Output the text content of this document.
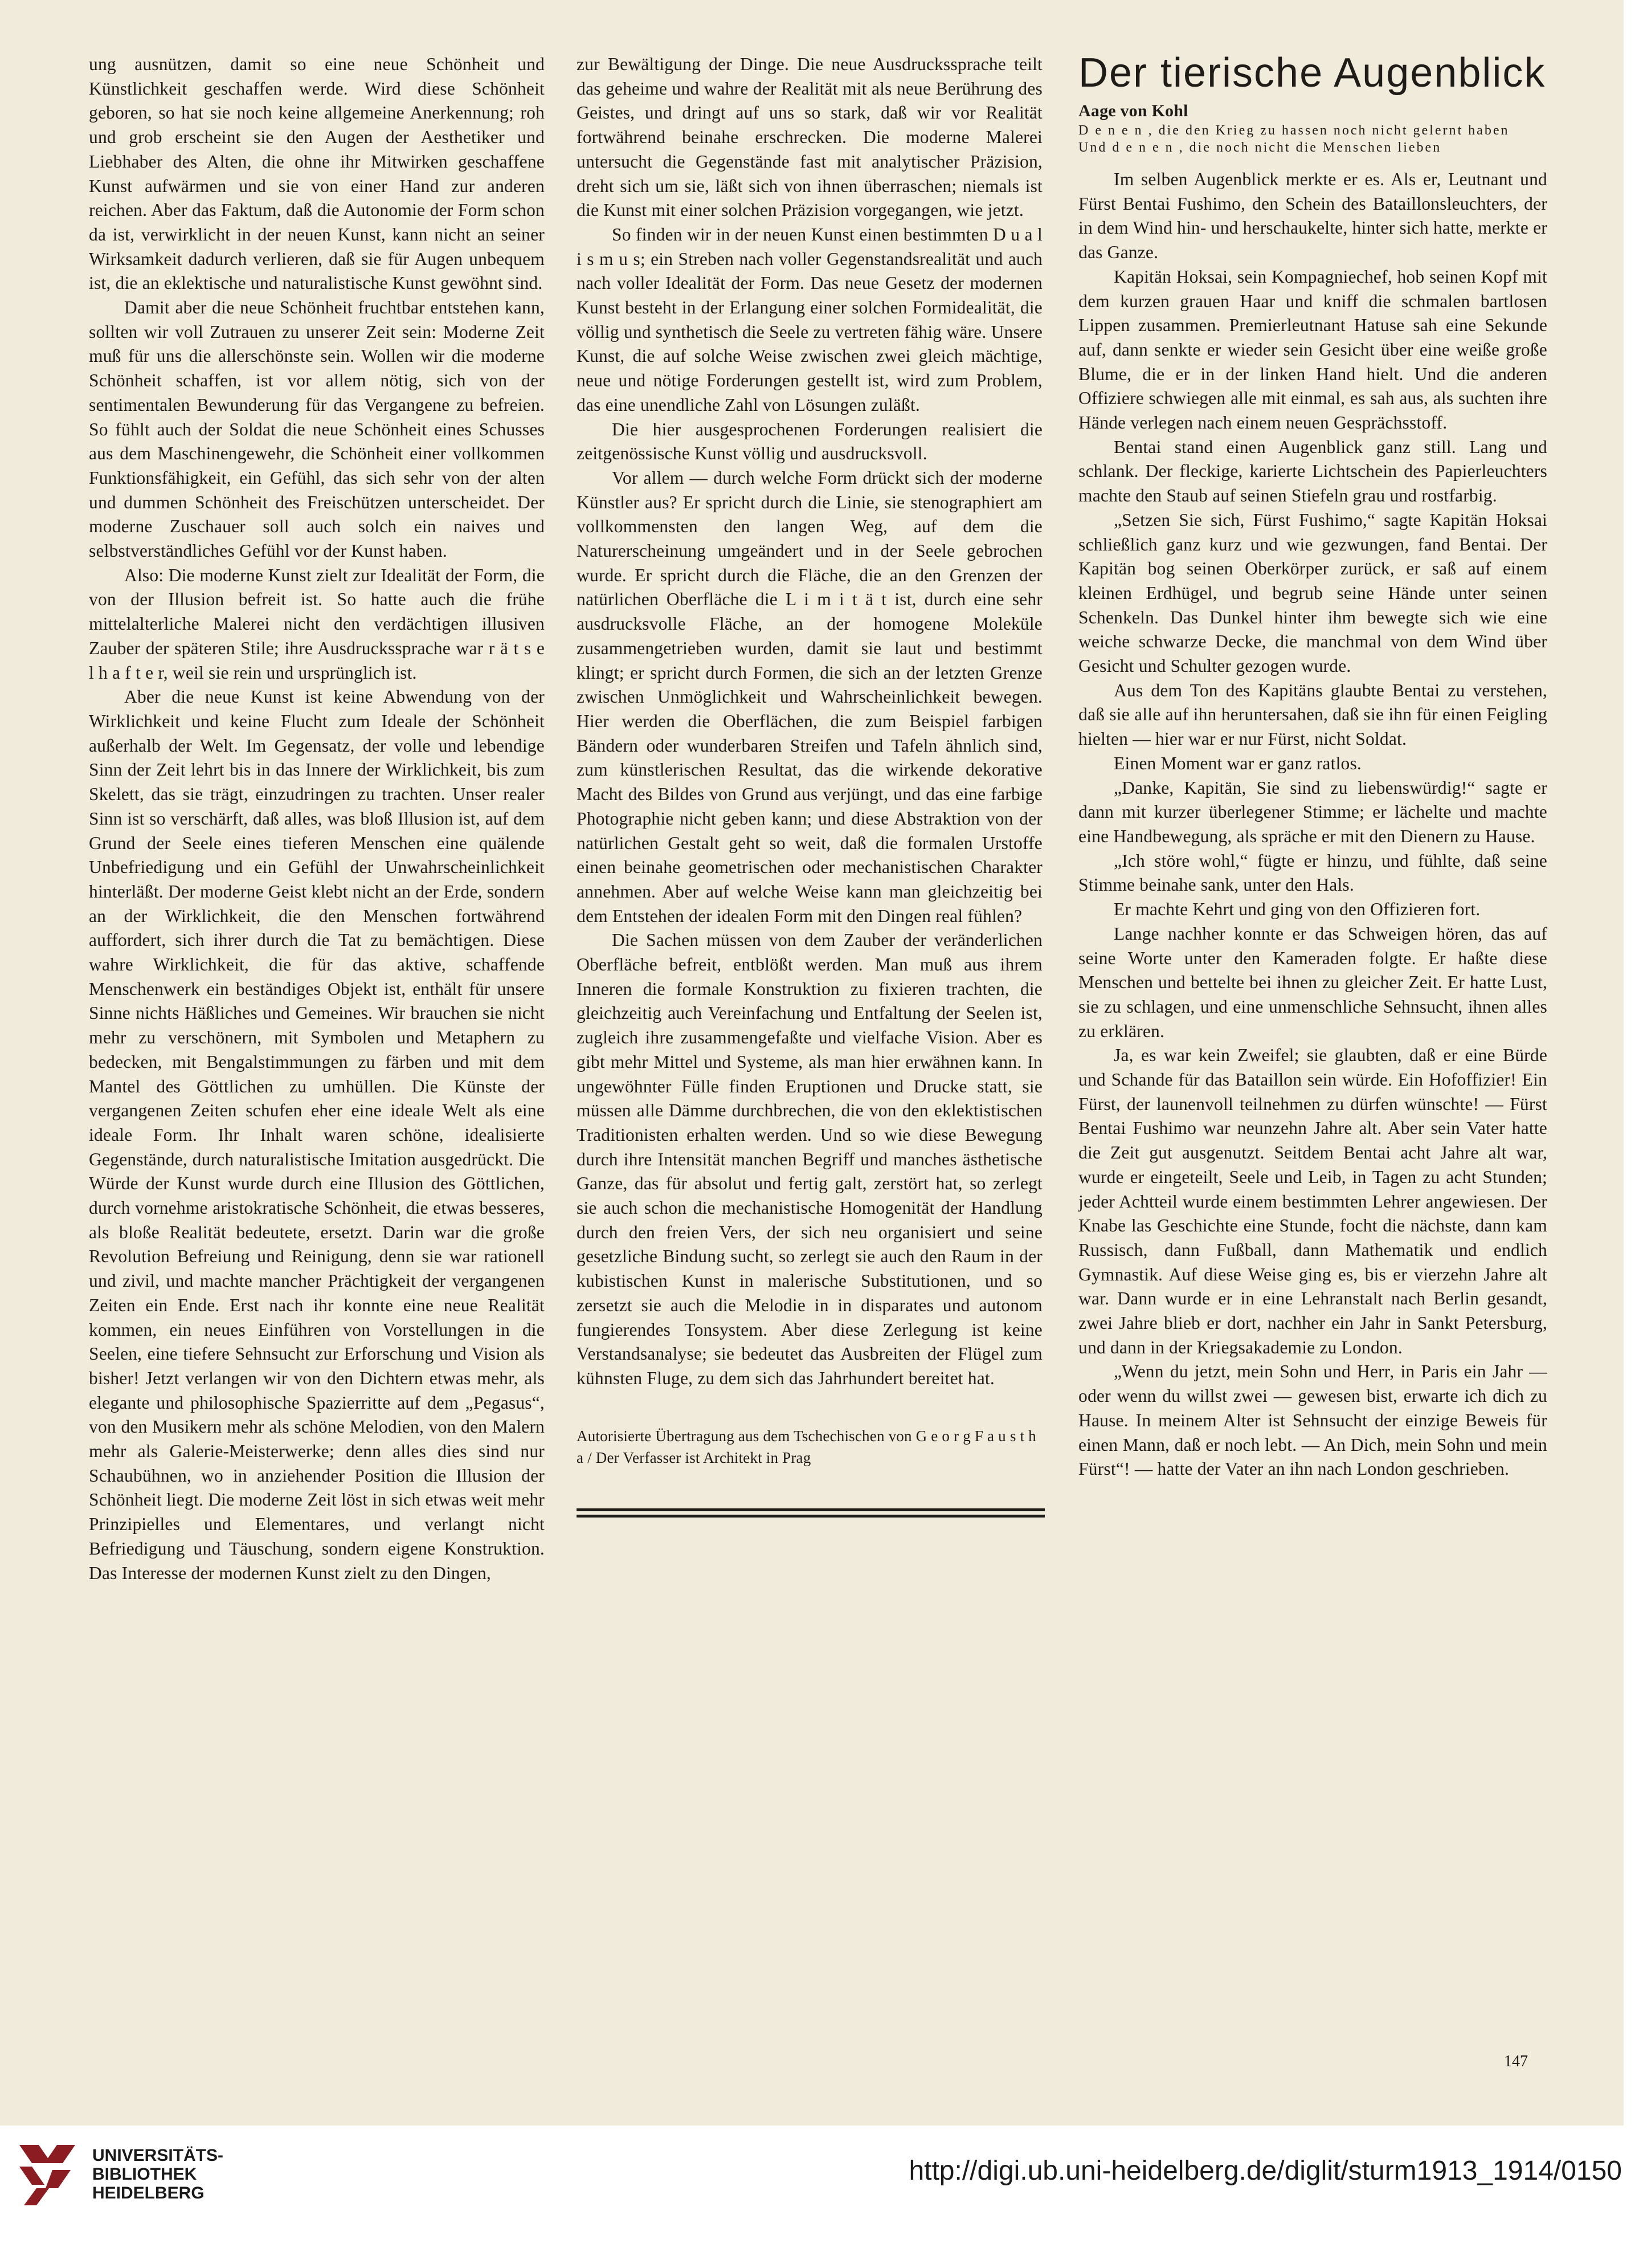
ung ausnützen, damit so eine neue Schönheit und Künstlichkeit geschaffen werde. Wird diese Schönheit geboren, so hat sie noch keine allgemeine Anerkennung; roh und grob erscheint sie den Augen der Aesthetiker und Liebhaber des Alten, die ohne ihr Mitwirken geschaffene Kunst aufwärmen und sie von einer Hand zur anderen reichen. Aber das Faktum, daß die Autonomie der Form schon da ist, verwirklicht in der neuen Kunst, kann nicht an seiner Wirksamkeit dadurch verlieren, daß sie für Augen unbequem ist, die an eklektische und naturalistische Kunst gewöhnt sind.

Damit aber die neue Schönheit fruchtbar entstehen kann, sollten wir voll Zutrauen zu unserer Zeit sein: Moderne Zeit muß für uns die allerschönste sein. Wollen wir die moderne Schönheit schaffen, ist vor allem nötig, sich von der sentimentalen Bewunderung für das Vergangene zu befreien. So fühlt auch der Soldat die neue Schönheit eines Schusses aus dem Maschinengewehr, die Schönheit einer vollkommen Funktionsfähigkeit, ein Gefühl, das sich sehr von der alten und dummen Schönheit des Freischützen unterscheidet. Der moderne Zuschauer soll auch solch ein naives und selbstverständliches Gefühl vor der Kunst haben.

Also: Die moderne Kunst zielt zur Idealität der Form, die von der Illusion befreit ist. So hatte auch die frühe mittelalterliche Malerei nicht den verdächtigen illusiven Zauber der späteren Stile; ihre Ausdruckssprache war r ä t s e l h a f t e r, weil sie rein und ursprünglich ist.

Aber die neue Kunst ist keine Abwendung von der Wirklichkeit und keine Flucht zum Ideale der Schönheit außerhalb der Welt. Im Gegensatz, der volle und lebendige Sinn der Zeit lehrt bis in das Innere der Wirklichkeit, bis zum Skelett, das sie trägt, einzudringen zu trachten. Unser realer Sinn ist so verschärft, daß alles, was bloß Illusion ist, auf dem Grund der Seele eines tieferen Menschen eine quälende Unbefriedigung und ein Gefühl der Unwahrscheinlichkeit hinterläßt. Der moderne Geist klebt nicht an der Erde, sondern an der Wirklichkeit, die den Menschen fortwährend auffordert, sich ihrer durch die Tat zu bemächtigen. Diese wahre Wirklichkeit, die für das aktive, schaffende Menschenwerk ein beständiges Objekt ist, enthält für unsere Sinne nichts Häßliches und Gemeines. Wir brauchen sie nicht mehr zu verschönern, mit Symbolen und Metaphern zu bedecken, mit Bengalstimmungen zu färben und mit dem Mantel des Göttlichen zu umhüllen. Die Künste der vergangenen Zeiten schufen eher eine ideale Welt als eine ideale Form. Ihr Inhalt waren schöne, idealisierte Gegenstände, durch naturalistische Imitation ausgedrückt. Die Würde der Kunst wurde durch eine Illusion des Göttlichen, durch vornehme aristokratische Schönheit, die etwas besseres, als bloße Realität bedeutete, ersetzt. Darin war die große Revolution Befreiung und Reinigung, denn sie war rationell und zivil, und machte mancher Prächtigkeit der vergangenen Zeiten ein Ende. Erst nach ihr konnte eine neue Realität kommen, ein neues Einführen von Vorstellungen in die Seelen, eine tiefere Sehnsucht zur Erforschung und Vision als bisher! Jetzt verlangen wir von den Dichtern etwas mehr, als elegante und philosophische Spazierritte auf dem „Pegasus“, von den Musikern mehr als schöne Melodien, von den Malern mehr als Galerie-Meisterwerke; denn alles dies sind nur Schaubühnen, wo in anziehender Position die Illusion der Schönheit liegt. Die moderne Zeit löst in sich etwas weit mehr Prinzipielles und Elementares, und verlangt nicht Befriedigung und Täuschung, sondern eigene Konstruktion. Das Interesse der modernen Kunst zielt zu den Dingen,

zur Bewältigung der Dinge. Die neue Ausdruckssprache teilt das geheime und wahre der Realität mit als neue Berührung des Geistes, und dringt auf uns so stark, daß wir vor Realität fortwährend beinahe erschrecken. Die moderne Malerei untersucht die Gegenstände fast mit analytischer Präzision, dreht sich um sie, läßt sich von ihnen überraschen; niemals ist die Kunst mit einer solchen Präzision vorgegangen, wie jetzt.

So finden wir in der neuen Kunst einen bestimmten D u a l i s m u s; ein Streben nach voller Gegenstandsrealität und auch nach voller Idealität der Form. Das neue Gesetz der modernen Kunst besteht in der Erlangung einer solchen Formidealität, die völlig und synthetisch die Seele zu vertreten fähig wäre. Unsere Kunst, die auf solche Weise zwischen zwei gleich mächtige, neue und nötige Forderungen gestellt ist, wird zum Problem, das eine unendliche Zahl von Lösungen zuläßt.

Die hier ausgesprochenen Forderungen realisiert die zeitgenössische Kunst völlig und ausdrucksvoll.

Vor allem — durch welche Form drückt sich der moderne Künstler aus? Er spricht durch die Linie, sie stenographiert am vollkommensten den langen Weg, auf dem die Naturerscheinung umgeändert und in der Seele gebrochen wurde. Er spricht durch die Fläche, die an den Grenzen der natürlichen Oberfläche die L i m i t ä t ist, durch eine sehr ausdrucksvolle Fläche, an der homogene Moleküle zusammengetrieben wurden, damit sie laut und bestimmt klingt; er spricht durch Formen, die sich an der letzten Grenze zwischen Unmöglichkeit und Wahrscheinlichkeit bewegen. Hier werden die Oberflächen, die zum Beispiel farbigen Bändern oder wunderbaren Streifen und Tafeln ähnlich sind, zum künstlerischen Resultat, das die wirkende dekorative Macht des Bildes von Grund aus verjüngt, und das eine farbige Photographie nicht geben kann; und diese Abstraktion von der natürlichen Gestalt geht so weit, daß die formalen Urstoffe einen beinahe geometrischen oder mechanistischen Charakter annehmen. Aber auf welche Weise kann man gleichzeitig bei dem Entstehen der idealen Form mit den Dingen real fühlen?

Die Sachen müssen von dem Zauber der veränderlichen Oberfläche befreit, entblößt werden. Man muß aus ihrem Inneren die formale Konstruktion zu fixieren trachten, die gleichzeitig auch Vereinfachung und Entfaltung der Seelen ist, zugleich ihre zusammengefaßte und vielfache Vision. Aber es gibt mehr Mittel und Systeme, als man hier erwähnen kann. In ungewöhnter Fülle finden Eruptionen und Drucke statt, sie müssen alle Dämme durchbrechen, die von den eklektistischen Traditionisten erhalten werden. Und so wie diese Bewegung durch ihre Intensität manchen Begriff und manches ästhetische Ganze, das für absolut und fertig galt, zerstört hat, so zerlegt sie auch schon die mechanistische Homogenität der Handlung durch den freien Vers, der sich neu organisiert und seine gesetzliche Bindung sucht, so zerlegt sie auch den Raum in der kubistischen Kunst in malerische Substitutionen, und so zersetzt sie auch die Melodie in in disparates und autonom fungierendes Tonsystem. Aber diese Zerlegung ist keine Verstandsanalyse; sie bedeutet das Ausbreiten der Flügel zum kühnsten Fluge, zu dem sich das Jahrhundert bereitet hat.

Autorisierte Übertragung aus dem Tschechischen von G e o r g F a u s t h a / Der Verfasser ist Architekt in Prag

Der tierische Augenblick

Aage von Kohl

D e n e n , die den Krieg zu hassen noch nicht gelernt haben

Und d e n e n , die noch nicht die Menschen lieben

Im selben Augenblick merkte er es. Als er, Leutnant und Fürst Bentai Fushimo, den Schein des Bataillonsleuchters, der in dem Wind hin- und herschaukelte, hinter sich hatte, merkte er das Ganze.

Kapitän Hoksai, sein Kompagniechef, hob seinen Kopf mit dem kurzen grauen Haar und kniff die schmalen bartlosen Lippen zusammen. Premierleutnant Hatuse sah eine Sekunde auf, dann senkte er wieder sein Gesicht über eine weiße große Blume, die er in der linken Hand hielt. Und die anderen Offiziere schwiegen alle mit einmal, es sah aus, als suchten ihre Hände verlegen nach einem neuen Gesprächsstoff.

Bentai stand einen Augenblick ganz still. Lang und schlank. Der fleckige, karierte Lichtschein des Papierleuchters machte den Staub auf seinen Stiefeln grau und rostfarbig.

„Setzen Sie sich, Fürst Fushimo,“ sagte Kapitän Hoksai schließlich ganz kurz und wie gezwungen, fand Bentai. Der Kapitän bog seinen Oberkörper zurück, er saß auf einem kleinen Erdhügel, und begrub seine Hände unter seinen Schenkeln. Das Dunkel hinter ihm bewegte sich wie eine weiche schwarze Decke, die manchmal von dem Wind über Gesicht und Schulter gezogen wurde.

Aus dem Ton des Kapitäns glaubte Bentai zu verstehen, daß sie alle auf ihn heruntersahen, daß sie ihn für einen Feigling hielten — hier war er nur Fürst, nicht Soldat.

Einen Moment war er ganz ratlos.

„Danke, Kapitän, Sie sind zu liebenswürdig!“ sagte er dann mit kurzer überlegener Stimme; er lächelte und machte eine Handbewegung, als spräche er mit den Dienern zu Hause.

„Ich störe wohl,“ fügte er hinzu, und fühlte, daß seine Stimme beinahe sank, unter den Hals.

Er machte Kehrt und ging von den Offizieren fort.

Lange nachher konnte er das Schweigen hören, das auf seine Worte unter den Kameraden folgte. Er haßte diese Menschen und bettelte bei ihnen zu gleicher Zeit. Er hatte Lust, sie zu schlagen, und eine unmenschliche Sehnsucht, ihnen alles zu erklären.

Ja, es war kein Zweifel; sie glaubten, daß er eine Bürde und Schande für das Bataillon sein würde. Ein Hofoffizier! Ein Fürst, der launenvoll teilnehmen zu dürfen wünschte! — Fürst Bentai Fushimo war neunzehn Jahre alt. Aber sein Vater hatte die Zeit gut ausgenutzt. Seitdem Bentai acht Jahre alt war, wurde er eingeteilt, Seele und Leib, in Tagen zu acht Stunden; jeder Achtteil wurde einem bestimmten Lehrer angewiesen. Der Knabe las Geschichte eine Stunde, focht die nächste, dann kam Russisch, dann Fußball, dann Mathematik und endlich Gymnastik. Auf diese Weise ging es, bis er vierzehn Jahre alt war. Dann wurde er in eine Lehranstalt nach Berlin gesandt, zwei Jahre blieb er dort, nachher ein Jahr in Sankt Petersburg, und dann in der Kriegsakademie zu London.

„Wenn du jetzt, mein Sohn und Herr, in Paris ein Jahr — oder wenn du willst zwei — gewesen bist, erwarte ich dich zu Hause. In meinem Alter ist Sehnsucht der einzige Beweis für einen Mann, daß er noch lebt. — An Dich, mein Sohn und mein Fürst“! — hatte der Vater an ihn nach London geschrieben.

147
UNIVERSITÄTS-
BIBLIOTHEK
HEIDELBERG
http://digi.ub.uni-heidelberg.de/diglit/sturm1913_1914/0150
